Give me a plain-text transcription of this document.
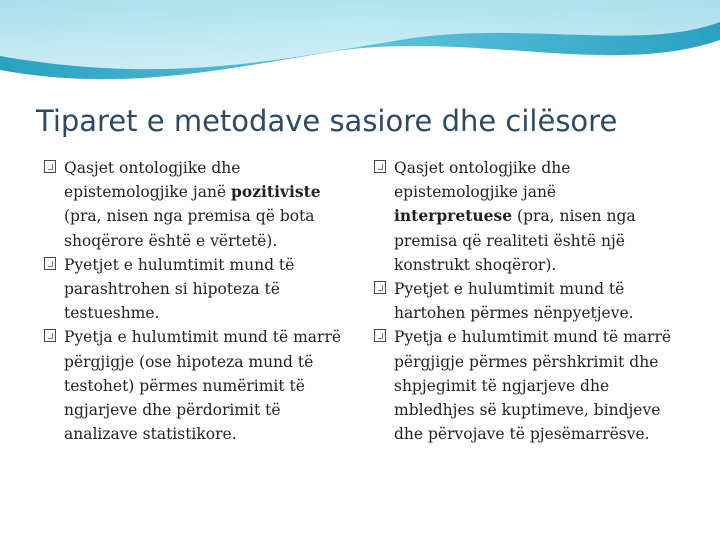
Tiparet e metodave sasiore dhe cilësore
Qasjet ontologjike dhe epistemologjike janë pozitiviste (pra, nisen nga premisa që bota shoqërore është e vërtetë).
Pyetjet e hulumtimit mund të parashtrohen si hipoteza të testueshme.
Pyetja e hulumtimit mund të marrë përgjigje (ose hipoteza mund të testohet) përmes numërimit të ngjarjeve dhe përdorimit të analizave statistikore.
Qasjet ontologjike dhe epistemologjike janë interpretuese (pra, nisen nga premisa që realiteti është një konstrukt shoqëror).
Pyetjet e hulumtimit mund të hartohen përmes nënpyetjeve.
Pyetja e hulumtimit mund të marrë përgjigje përmes përshkrimit dhe shpjegimit të ngjarjeve dhe mbledhjes së kuptimeve, bindjeve dhe përvojave të pjesëmarrësve.
